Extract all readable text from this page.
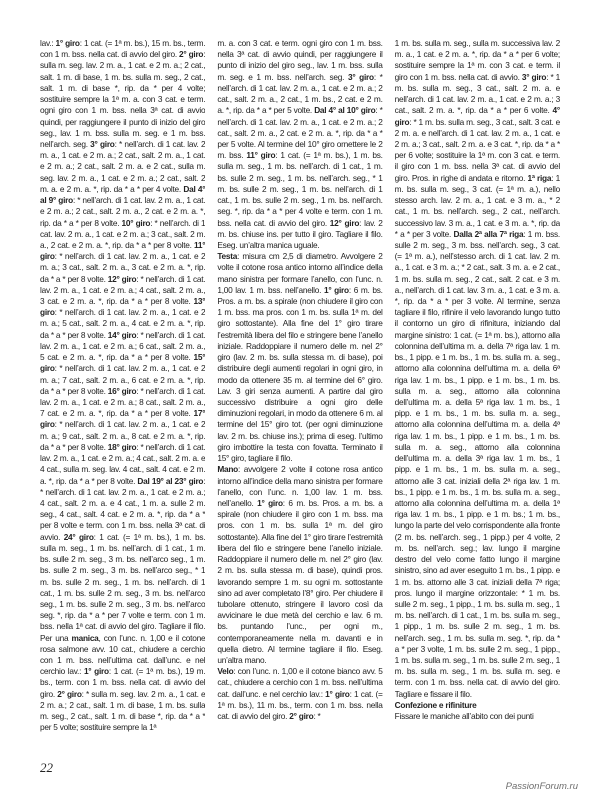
lav.: 1° giro: 1 cat. (= 1ª m. bs.), 15 m. bs., term. con 1 m. bss. nella cat. di avvio del giro. 2° giro: sulla m. seg. lav. 2 m. a., 1 cat. e 2 m. a.; 2 cat., salt. 1 m. di base, 1 m. bs. sulla m. seg., 2 cat., salt. 1 m. di base *, rip. da * per 4 volte; sostituire sempre la 1ª m. a. con 3 cat. e term. ogni giro con 1 m. bss. nella 3ª cat. di avvio quindi, per raggiungere il punto di inizio del giro seg., lav. 1 m. bss. sulla m. seg. e 1 m. bss. nell’arch. seg. 3° giro: * nell’arch. di 1 cat. lav. 2 m. a., 1 cat. e 2 m. a.; 2 cat., salt. 2 m. a., 1 cat. e 2 m. a.; 2 cat., salt. 2 m. a. e 2 cat., sulla m. seg. lav. 2 m. a., 1 cat. e 2 m. a.; 2 cat., salt. 2 m. a. e 2 m. a. *, rip. da * a * per 4 volte. Dal 4° al 9° giro: * nell’arch. di 1 cat. lav. 2 m. a., 1 cat. e 2 m. a.; 2 cat., salt. 2 m. a., 2 cat. e 2 m. a. *, rip. da * a * per 8 volte. 10° giro: * nell’arch. di 1 cat. lav. 2 m. a., 1 cat. e 2 m. a.; 3 cat., salt. 2 m. a., 2 cat. e 2 m. a. *, rip. da * a * per 8 volte. 11° giro: * nell’arch. di 1 cat. lav. 2 m. a., 1 cat. e 2 m. a.; 3 cat., salt. 2 m. a., 3 cat. e 2 m. a. *, rip. da * a * per 8 volte. 12° giro: * nell’arch. di 1 cat. lav. 2 m. a., 1 cat. e 2 m. a.; 4 cat., salt. 2 m. a., 3 cat. e 2 m. a. *, rip. da * a * per 8 volte. 13° giro: * nell’arch. di 1 cat. lav. 2 m. a., 1 cat. e 2 m. a.; 5 cat., salt. 2 m. a., 4 cat. e 2 m. a. *, rip. da * a * per 8 volte. 14° giro: * nell’arch. di 1 cat. lav. 2 m. a., 1 cat. e 2 m. a.; 6 cat., salt. 2 m. a., 5 cat. e 2 m. a. *, rip. da * a * per 8 volte. 15° giro: * nell’arch. di 1 cat. lav. 2 m. a., 1 cat. e 2 m. a.; 7 cat., salt. 2 m. a., 6 cat. e 2 m. a. *, rip. da * a * per 8 volte. 16° giro: * nell’arch. di 1 cat. lav. 2 m. a., 1 cat. e 2 m. a.; 8 cat., salt. 2 m. a., 7 cat. e 2 m. a. *, rip. da * a * per 8 volte. 17° giro: * nell’arch. di 1 cat. lav. 2 m. a., 1 cat. e 2 m. a.; 9 cat., salt. 2 m. a., 8 cat. e 2 m. a. *, rip. da * a * per 8 volte. 18° giro: * nell’arch. di 1 cat. lav. 2 m. a., 1 cat. e 2 m. a.; 4 cat., salt. 2 m. a. e 4 cat., sulla m. seg. lav. 4 cat., salt. 4 cat. e 2 m. a. *, rip. da * a * per 8 volte. Dal 19° al 23° giro: * nell’arch. di 1 cat. lav. 2 m. a., 1 cat. e 2 m. a.; 4 cat., salt. 2 m. a. e 4 cat., 1 m. a. sulle 2 m. seg., 4 cat., salt. 4 cat. e 2 m. a. *, rip. da * a * per 8 volte e term. con 1 m. bss. nella 3ª cat. di avvio. 24° giro: 1 cat. (= 1ª m. bs.), 1 m. bs. sulla m. seg., 1 m. bs. nell’arch. di 1 cat., 1 m. bs. sulle 2 m. seg., 3 m. bs. nell’arco seg., 1 m. bs. sulle 2 m. seg., 3 m. bs. nell’arco seg., * 1 m. bs. sulle 2 m. seg., 1 m. bs. nell’arch. di 1 cat., 1 m. bs. sulle 2 m. seg., 3 m. bs. nell’arco seg., 1 m. bs. sulle 2 m. seg., 3 m. bs. nell’arco seg. *, rip. da * a * per 7 volte e term. con 1 m. bss. nella 1ª cat. di avvio del giro. Tagliare il filo. Per una manica, con l’unc. n. 1,00 e il cotone rosa salmone avv. 10 cat., chiudere a cerchio con 1 m. bss. nell’ultima cat. dall’unc. e nel cerchio lav.: 1° giro: 1 cat. (= 1ª m. bs.), 19 m. bs., term. con 1 m. bss. nella cat. di avvio del giro. 2° giro: * sulla m. seg. lav. 2 m. a., 1 cat. e 2 m. a.; 2 cat., salt. 1 m. di base, 1 m. bs. sulla m. seg., 2 cat., salt. 1 m. di base *, rip. da * a * per 5 volte; sostituire sempre la 1ª

m. a. con 3 cat. e term. ogni giro con 1 m. bss. nella 3ª cat. di avvio quindi, per raggiungere il punto di inizio del giro seg., lav. 1 m. bss. sulla m. seg. e 1 m. bss. nell’arch. seg. 3° giro: * nell’arch. di 1 cat. lav. 2 m. a., 1 cat. e 2 m. a.; 2 cat., salt. 2 m. a., 2 cat., 1 m. bs., 2 cat. e 2 m. a. *, rip. da * a * per 5 volte. Dal 4° al 10° giro: * nell’arch. di 1 cat. lav. 2 m. a., 1 cat. e 2 m. a.; 2 cat., salt. 2 m. a., 2 cat. e 2 m. a. *, rip. da * a * per 5 volte. Al termine del 10° giro ornettere le 2 m. bss. 11° giro: 1 cat. (= 1ª m. bs.), 1 m. bs. sulla m. seg., 1 m. bs. nell’arch. di 1 cat., 1 m. bs. sulle 2 m. seg., 1 m. bs. nell’arch. seg., * 1 m. bs. sulle 2 m. seg., 1 m. bs. nell’arch. di 1 cat., 1 m. bs. sulle 2 m. seg., 1 m. bs. nell’arch. seg. *, rip. da * a * per 4 volte e term. con 1 m. bss. nella cat. di avvio del giro. 12° giro: lav. 2 m. bs. chiuse ins. per tutto il giro. Tagliare il filo. Eseg. un’altra manica uguale.

Testa: misura cm 2,5 di diametro. Avvolgere 2 volte il cotone rosa antico intorno all’indice della mano sinistra per formare l’anello, con l’unc. n. 1,00 lav. 1 m. bss. nell’anello. 1° giro: 6 m. bs. Pros. a m. bs. a spirale (non chiudere il giro con 1 m. bss. ma pros. con 1 m. bs. sulla 1ª m. del giro sottostante). Alla fine del 1° giro tirare l’estremità libera del filo e stringere bene l’anello iniziale. Raddoppiare il numero delle m. nel 2° giro (lav. 2 m. bs. sulla stessa m. di base), poi distribuire degli aumenti regolari in ogni giro, in modo da ottenere 35 m. al termine del 6° giro. Lav. 3 giri senza aumenti. A partire dal giro successivo distribuire a ogni giro delle diminuzioni regolari, in modo da ottenere 6 m. al termine del 15° giro tot. (per ogni diminuzione lav. 2 m. bs. chiuse ins.); prima di eseg. l’ultimo giro imbottire la testa con fovatta. Terminato il 15° giro, tagliare il filo.

Mano: avvolgere 2 volte il cotone rosa antico intorno all’indice della mano sinistra per formare l’anello, con l’unc. n. 1,00 lav. 1 m. bss. nell’anello. 1° giro: 6 m. bs. Pros. a m. bs. a spirale (non chiudere il giro con 1 m. bss. ma pros. con 1 m. bs. sulla 1ª m. del giro sottostante). Alla fine del 1° giro tirare l’estremità libera del filo e stringere bene l’anello iniziale. Raddoppiare il numero delle m. nel 2° giro (lav. 2 m. bs. sulla stessa m. di base), quindi pros. lavorando sempre 1 m. su ogni m. sottostante sino ad aver completato l’8° giro. Per chiudere il tubolare ottenuto, stringere il lavoro così da avvicinare le due metà del cerchio e lav. 6 m. bs. puntando l’unc., per ogni m., contemporaneamente nella m. davanti e in quella dietro. Al termine tagliare il filo. Eseg. un’altra mano.

Velo: con l’unc. n. 1,00 e il cotone bianco avv. 5 cat., chiudere a cerchio con 1 m. bss. nell’ultima cat. dall’unc. e nel cerchio lav.: 1° giro: 1 cat. (= 1ª m. bs.), 11 m. bs., term. con 1 m. bss. nella cat. di avvio del giro. 2° giro: *

1 m. bs. sulla m. seg., sulla m. successiva lav. 2 m. a., 1 cat. e 2 m. a. *, rip. da * a * per 6 volte; sostituire sempre la 1ª m. con 3 cat. e term. il giro con 1 m. bss. nella cat. di avvio. 3° giro: * 1 m. bs. sulla m. seg., 3 cat., salt. 2 m. a. e nell’arch. di 1 cat. lav. 2 m. a., 1 cat. e 2 m. a.; 3 cat., salt. 2 m. a. *, rip. da * a * per 6 volte. 4° giro: * 1 m. bs. sulla m. seg., 3 cat., salt. 3 cat. e 2 m. a. e nell’arch. di 1 cat. lav. 2 m. a., 1 cat. e 2 m. a.; 3 cat., salt. 2 m. a. e 3 cat. *, rip. da * a * per 6 volte; sostituire la 1ª m. con 3 cat. e term. il giro con 1 m. bss. nella 3ª cat. di avvio del giro. Pros. in righe di andata e ritorno. 1ª riga: 1 m. bs. sulla m. seg., 3 cat. (= 1ª m. a.), nello stesso arch. lav. 2 m. a., 1 cat. e 3 m. a., * 2 cat., 1 m. bs. nell’arch. seg., 2 cat., nell’arch. successivo lav. 3 m. a., 1 cat. e 3 m. a. *, rip. da * a * per 3 volte. Dalla 2ª alla 7ª riga: 1 m. bss. sulle 2 m. seg., 3 m. bss. nell’arch. seg., 3 cat. (= 1ª m. a.), nell’stesso arch. di 1 cat. lav. 2 m. a., 1 cat. e 3 m. a.; * 2 cat., salt. 3 m. a. e 2 cat., 1 m. bs. sulla m. seg., 2 cat., salt. 2 cat. e 3 m. a., nell’arch. di 1 cat. lav. 3 m. a., 1 cat. e 3 m. a. *, rip. da * a * per 3 volte. Al termine, senza tagliare il filo, rifinire il velo lavorando lungo tutto il contorno un giro di rifinitura, iniziando dal margine sinistro: 1 cat. (= 1ª m. bs.), attorno alla colonnina dell’ultima m. a. della 7ª riga lav. 1 m. bs., 1 pipp. e 1 m. bs., 1 m. bs. sulla m. a. seg., attorno alla colonnina dell’ultima m. a. della 6ª riga lav. 1 m. bs., 1 pipp. e 1 m. bs., 1 m. bs. sulla m. a. seg., attorno alla colonnina dell’ultima m. a. della 5ª riga lav. 1 m. bs., 1 pipp. e 1 m. bs., 1 m. bs. sulla m. a. seg., attorno alla colonnina dell’ultima m. a. della 4ª riga lav. 1 m. bs., 1 pipp. e 1 m. bs., 1 m. bs. sulla m. a. seg., attorno alla colonnina dell’ultima m. a. della 3ª riga lav. 1 m. bs., 1 pipp. e 1 m. bs., 1 m. bs. sulla m. a. seg., attorno alle 3 cat. iniziali della 2ª riga lav. 1 m. bs., 1 pipp. e 1 m. bs., 1 m. bs. sulla m. a. seg., attorno alla colonnina dell’ultima m. a. della 1ª riga lav. 1 m. bs., 1 pipp. e 1 m. bs.; 1 m. bs., lungo la parte del velo corrispondente alla fronte (2 m. bs. nell’arch. seg., 1 pipp.) per 4 volte, 2 m. bs. nell’arch. seg.; lav. lungo il margine destro del velo come fatto lungo il margine sinistro, sino ad aver eseguito 1 m. bs., 1 pipp. e 1 m. bs. attorno alle 3 cat. iniziali della 7ª riga; pros. lungo il margine orizzontale: * 1 m. bs. sulle 2 m. seg., 1 pipp., 1 m. bs. sulla m. seg., 1 m. bs. nell’arch. di 1 cat., 1 m. bs. sulla m. seg., 1 pipp., 1 m. bs. sulle 2 m. seg., 1 m. bs. nell’arch. seg., 1 m. bs. sulla m. seg. *, rip. da * a * per 3 volte, 1 m. bs. sulle 2 m. seg., 1 pipp., 1 m. bs. sulla m. seg., 1 m. bs. sulle 2 m. seg., 1 m. bs. sulla m. seg., 1 m. bs. sulla m. seg. e term. con 1 m. bss. nella cat. di avvio del giro. Tagliare e fissare il filo.

Confezione e rifiniture

Fissare le maniche all’abito con dei punti

22
PassionForum.ru
